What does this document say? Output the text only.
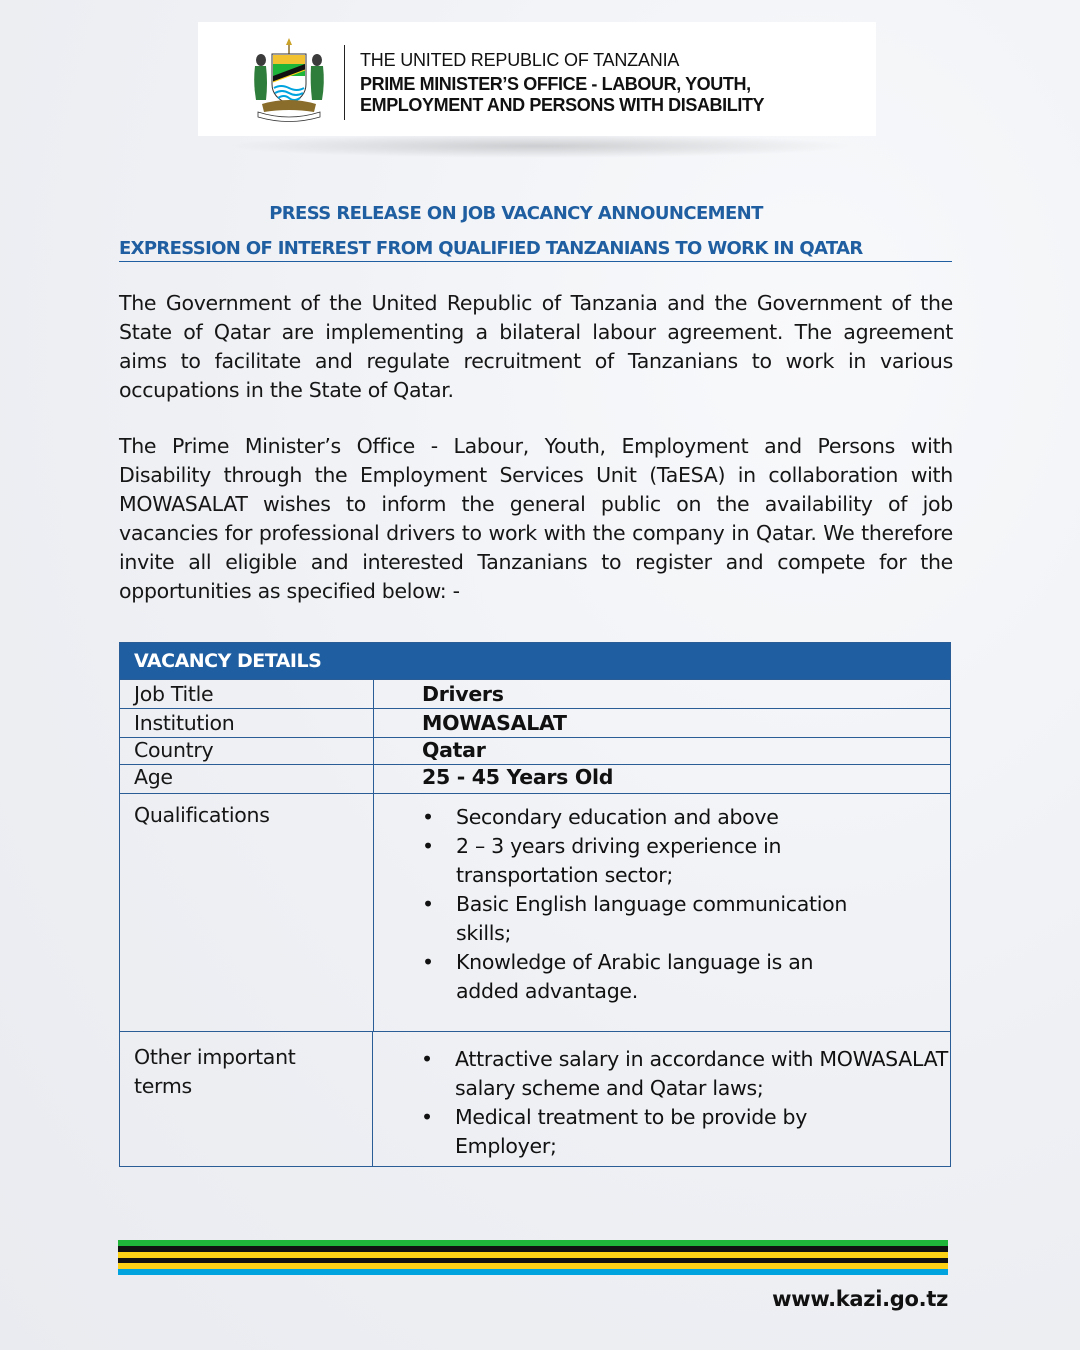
THE UNITED REPUBLIC OF TANZANIA
PRIME MINISTER’S OFFICE - LABOUR, YOUTH,
EMPLOYMENT AND PERSONS WITH DISABILITY
PRESS RELEASE ON JOB VACANCY ANNOUNCEMENT
EXPRESSION OF INTEREST FROM QUALIFIED TANZANIANS TO WORK IN QATAR
The Government of the United Republic of Tanzania and the Government of the State of Qatar are implementing a bilateral labour agreement. The agreement aims to facilitate and regulate recruitment of Tanzanians to work in various occupations in the State of Qatar.
The Prime Minister’s Office - Labour, Youth, Employment and Persons with Disability through the Employment Services Unit (TaESA) in collaboration with MOWASALAT wishes to inform the general public on the availability of job vacancies for professional drivers to work with the company in Qatar. We therefore invite all eligible and interested Tanzanians to register and compete for the opportunities as specified below: -
VACANCY DETAILS
Job Title	Drivers
Institution	MOWASALAT
Country	Qatar
Age	25 - 45 Years Old
Qualifications
•	Secondary education and above
• 2 – 3 years driving experience in transportation sector;
• Basic English language communication skills;
• Knowledge of Arabic language is an added advantage.
Other important terms
• Attractive salary in accordance with MOWASALAT salary scheme and Qatar laws;
• Medical treatment to be provide by Employer;
www.kazi.go.tz
